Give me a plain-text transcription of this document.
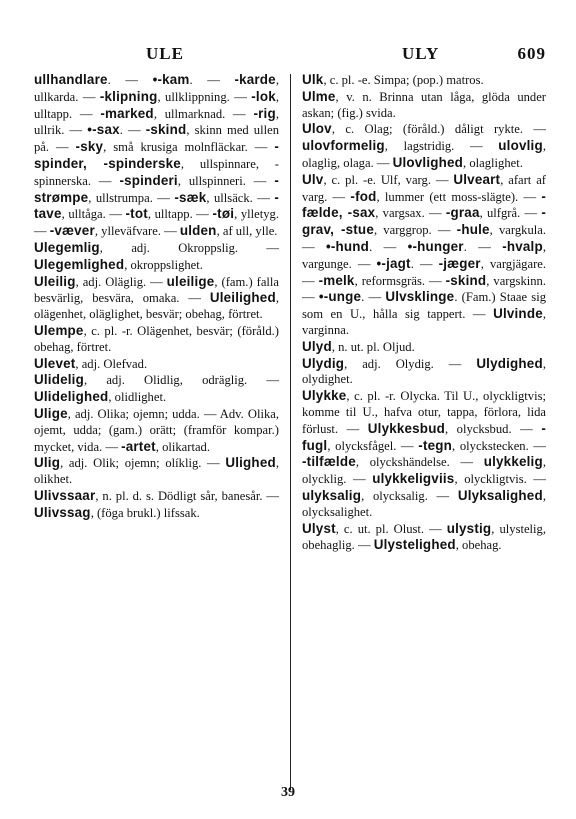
ULE	ULY	609

ullhandlare. — •-kam. — -karde, ullkarda. — -klipning, ullklippning. — -lok, ulltapp. — -marked, ullmarknad. — -rig, ullrik. — •-sax. — -skind, skinn med ullen på. — -sky, små krusiga molnfläckar. — -spinder, -spinderske, ullspinnare, -spinnerska. — -spinderi, ullspinneri. — -strømpe, ullstrumpa. — -sæk, ullsäck. — -tave, ulltåga. — -tot, ulltapp. — -tøi, ylletyg. — -væver, ylleväfvare. — ulden, af ull, ylle.

Ulegemlig, adj. Okroppslig. — Ulegemlighed, okroppslighet.

Uleilig, adj. Olä͏glig. — uleilige, (fam.) falla besvärlig, besvära, omaka. — Uleilighed, olägenhet, oläglighet, besvär; obehag, förtret.

Ulempe, c. pl. -r. Olägenhet, besvär; (föråld.) obehag, förtret.

Ulevet, adj. Olefvad.

Ulidelig, adj. Olidlig, odräglig. — Ulidelighed, olidlighet.

Ulige, adj. Olika; ojemn; udda. — Adv. Olika, ojemt, udda; (gam.) orätt; (framför kompar.) mycket, vida. — -artet, olikartad.

Ulig, adj. Olik; ojemn; olíklig. — Ulighed, olikhet.

Ulivssaar, n. pl. d. s. Dödligt sår, banesår. — Ulivssag, (föga brukl.) lifssak.

Ulk, c. pl. -e. Simpa; (pop.) matros.

Ulme, v. n. Brinna utan låga, glöda under askan; (fig.) svida.

Ulov, c. Olag; (föråld.) dåligt rykte. — ulovformelig, lagstridig. — ulovlig, olaglig, olaga. — Ulovlighed, olaglighet.

Ulv, c. pl. -e. Ulf, varg. — Ulveart, afart af varg. — -fod, lummer (ett moss-slägte). — -fælde, -sax, vargsax. — -graa, ulfgrå. — -grav, -stue, varggrop. — -hule, vargkula. — •-hund. — •-hunger. — -hvalp, vargunge. — •-jagt. — -jæger, vargjägare. — -melk, reformsgräs. — -skind, vargskinn. — •-unge. — Ulvsklinge. (Fam.) Staae sig som en U., hålla sig tappert. — Ulvinde, varginna.

Ulyd, n. ut. pl. Oljud.

Ulydig, adj. Olydig. — Ulydighed, olydighet.

Ulykke, c. pl. -r. Olycka. Til U., olyckligtvis; komme til U., hafva otur, tappa, förlora, lida förlust. — Ulykkesbud, olycksbud. — -fugl, olycksfågel. — -tegn, olyckstecken. — -tilfælde, olyckshändelse. — ulykkelig, olycklig. — ulykkeligviis, olyckligtvis. — ulyksalig, olycksalig. — Ulyksalighed, olycksalighet.

Ulyst, c. ut. pl. Olust. — ulystig, ulystelig, obehaglig. — Ulystelighed, obehag.

39
